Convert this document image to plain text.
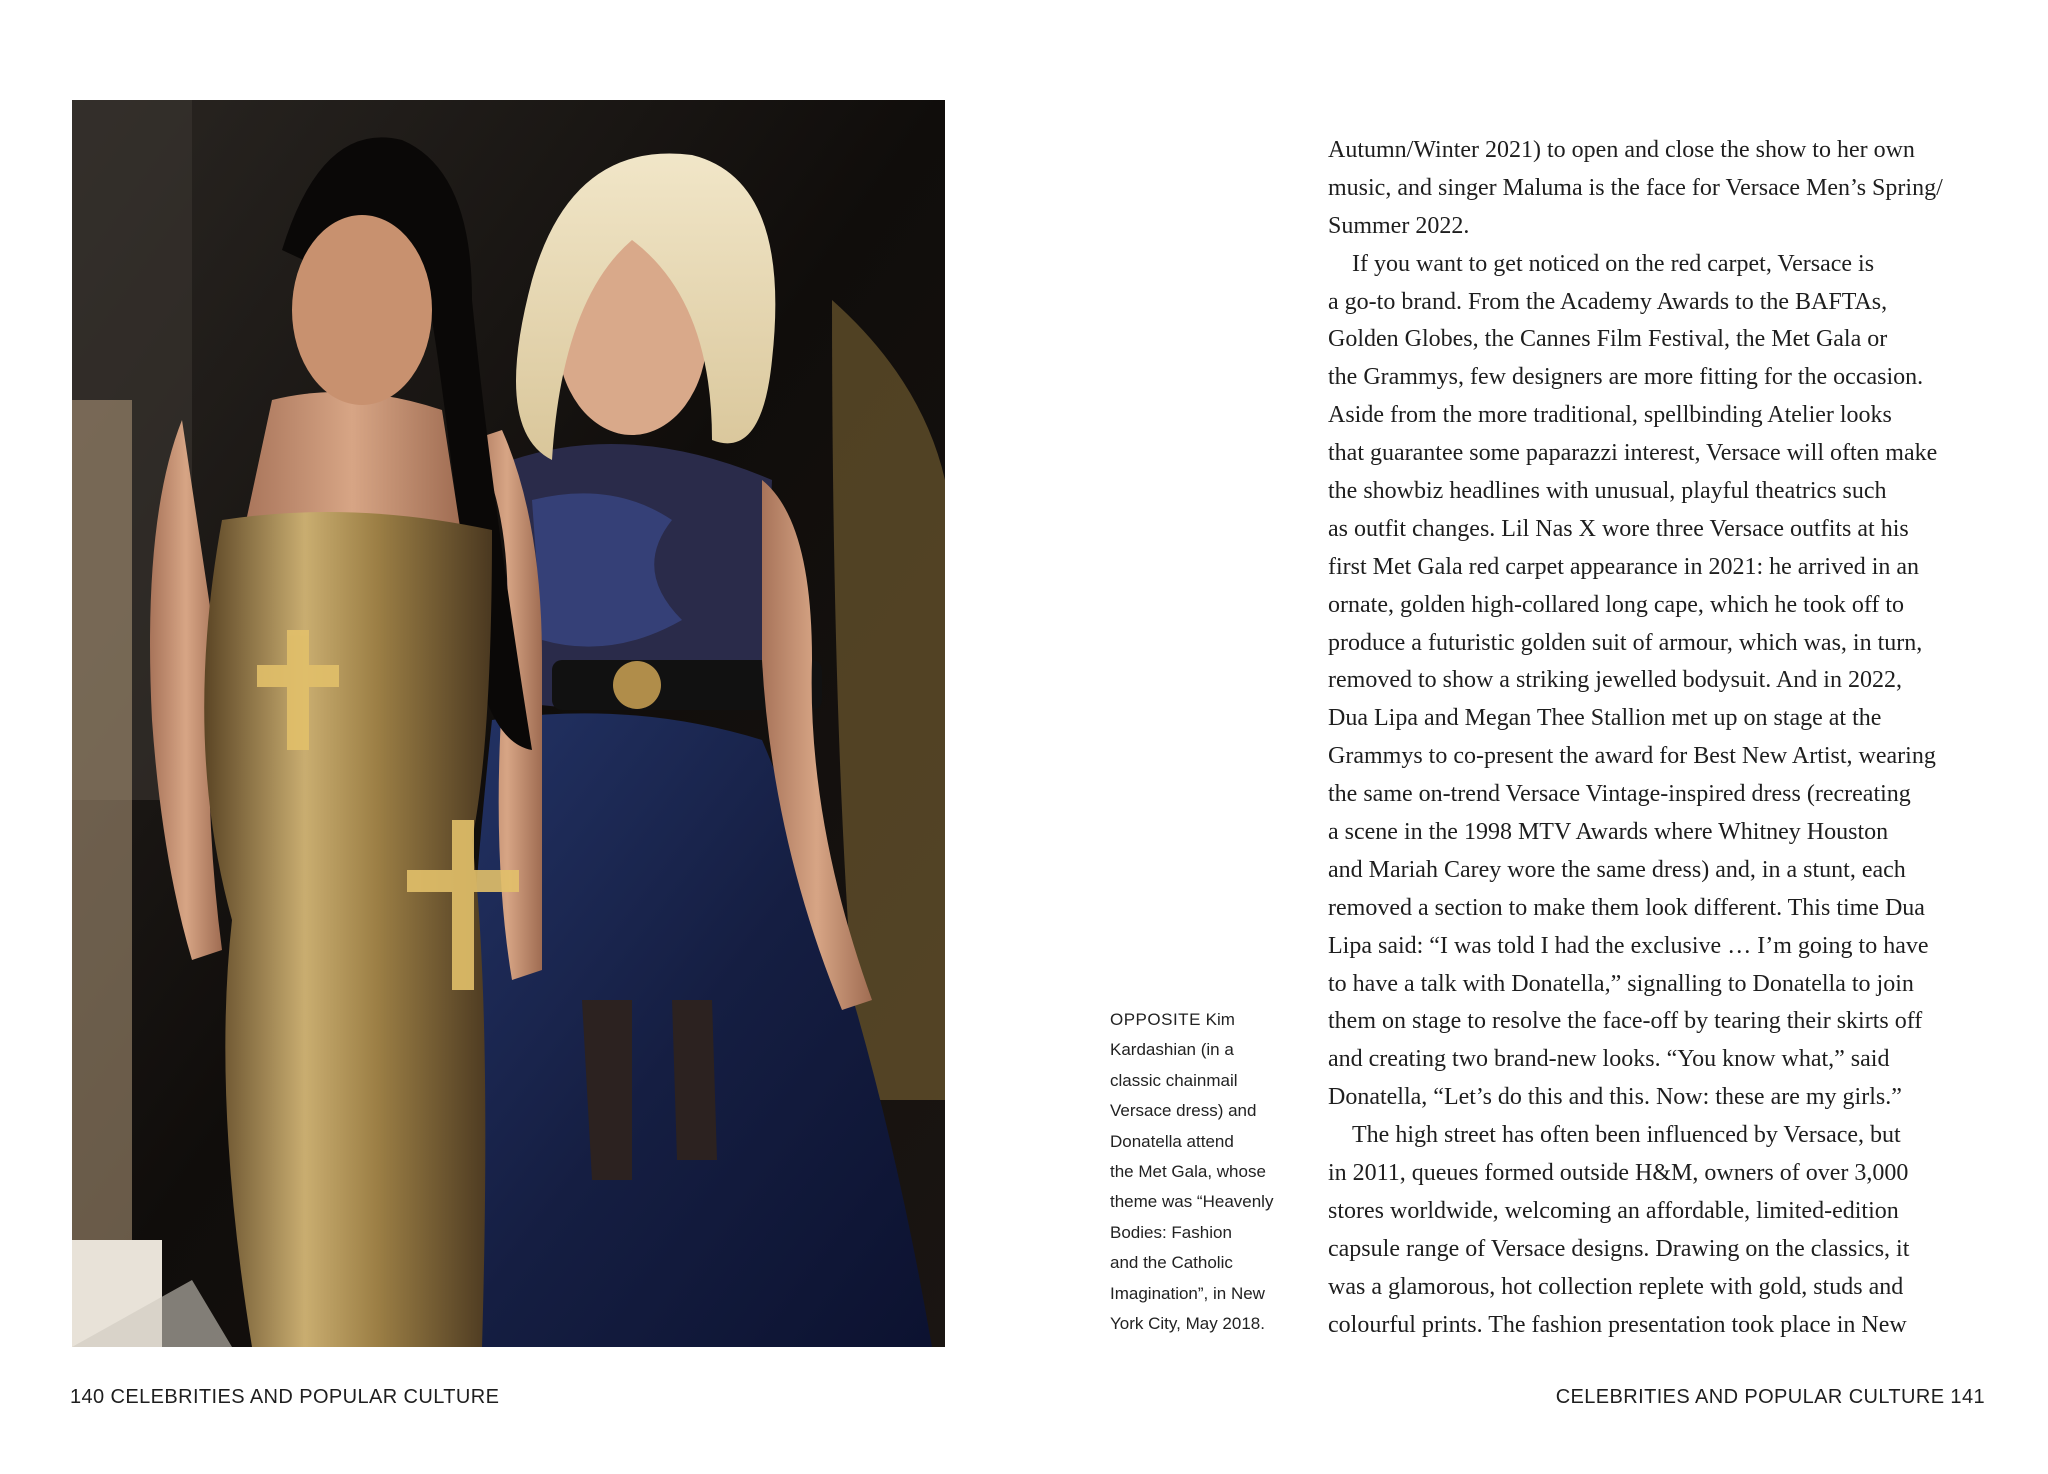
OPPOSITE Kim
Kardashian (in a
classic chainmail
Versace dress) and
Donatella attend
the Met Gala, whose
theme was “Heavenly
Bodies: Fashion
and the Catholic
Imagination”, in New
York City, May 2018.
Autumn/Winter 2021) to open and close the show to her own
music, and singer Maluma is the face for Versace Men’s Spring/
Summer 2022.
If you want to get noticed on the red carpet, Versace is
a go-to brand. From the Academy Awards to the BAFTAs,
Golden Globes, the Cannes Film Festival, the Met Gala or
the Grammys, few designers are more fitting for the occasion.
Aside from the more traditional, spellbinding Atelier looks
that guarantee some paparazzi interest, Versace will often make
the showbiz headlines with unusual, playful theatrics such
as outfit changes. Lil Nas X wore three Versace outfits at his
first Met Gala red carpet appearance in 2021: he arrived in an
ornate, golden high-collared long cape, which he took off to
produce a futuristic golden suit of armour, which was, in turn,
removed to show a striking jewelled bodysuit. And in 2022,
Dua Lipa and Megan Thee Stallion met up on stage at the
Grammys to co-present the award for Best New Artist, wearing
the same on-trend Versace Vintage-inspired dress (recreating
a scene in the 1998 MTV Awards where Whitney Houston
and Mariah Carey wore the same dress) and, in a stunt, each
removed a section to make them look different. This time Dua
Lipa said: “I was told I had the exclusive … I’m going to have
to have a talk with Donatella,” signalling to Donatella to join
them on stage to resolve the face-off by tearing their skirts off
and creating two brand-new looks. “You know what,” said
Donatella, “Let’s do this and this. Now: these are my girls.”
The high street has often been influenced by Versace, but
in 2011, queues formed outside H&M, owners of over 3,000
stores worldwide, welcoming an affordable, limited-edition
capsule range of Versace designs. Drawing on the classics, it
was a glamorous, hot collection replete with gold, studs and
colourful prints. The fashion presentation took place in New
140 CELEBRITIES AND POPULAR CULTURE	CELEBRITIES AND POPULAR CULTURE 141
